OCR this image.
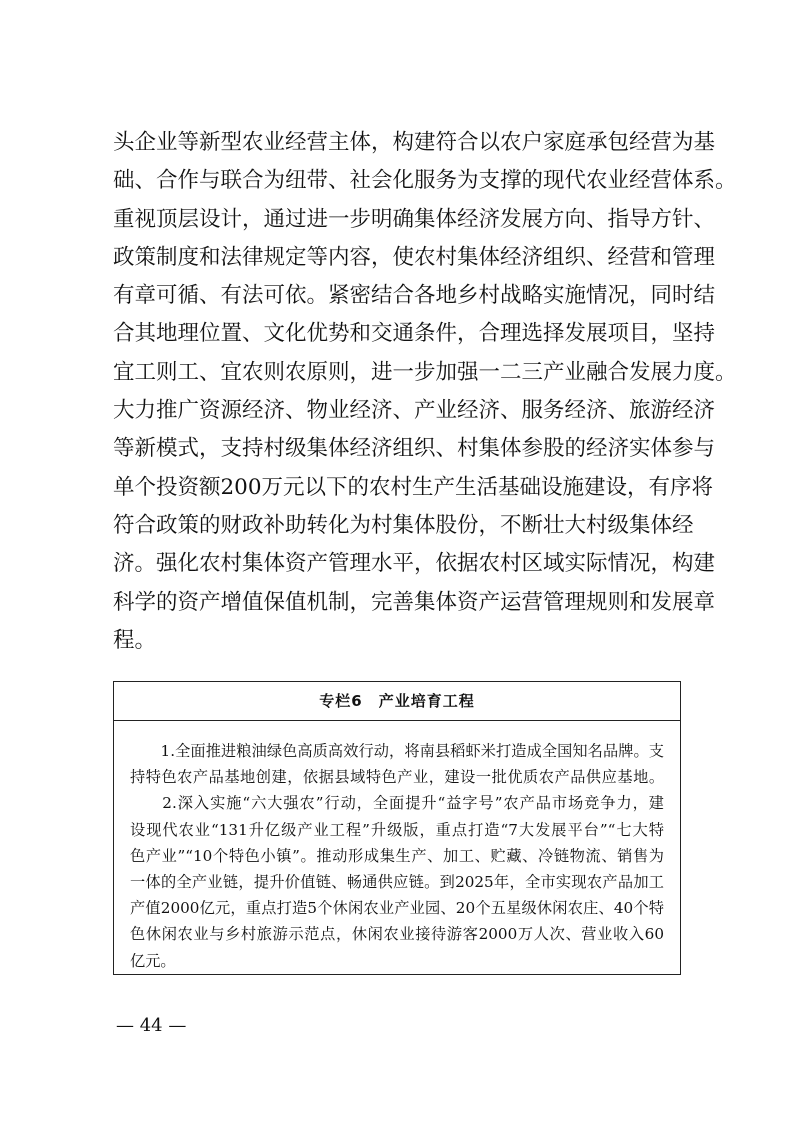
头企业等新型农业经营主体，构建符合以农户家庭承包经营为基
础、合作与联合为纽带、社会化服务为支撑的现代农业经营体系。
重视顶层设计，通过进一步明确集体经济发展方向、指导方针、
政策制度和法律规定等内容，使农村集体经济组织、经营和管理
有章可循、有法可依。紧密结合各地乡村战略实施情况，同时结
合其地理位置、文化优势和交通条件，合理选择发展项目，坚持
宜工则工、宜农则农原则，进一步加强一二三产业融合发展力度。
大力推广资源经济、物业经济、产业经济、服务经济、旅游经济
等新模式，支持村级集体经济组织、村集体参股的经济实体参与
单个投资额200万元以下的农村生产生活基础设施建设，有序将
符合政策的财政补助转化为村集体股份，不断壮大村级集体经
济。强化农村集体资产管理水平，依据农村区域实际情况，构建
科学的资产增值保值机制，完善集体资产运营管理规则和发展章
程。
专栏6　产业培育工程
　　1.全面推进粮油绿色高质高效行动，将南县稻虾米打造成全国知名品牌。支
持特色农产品基地创建，依据县域特色产业，建设一批优质农产品供应基地。
　　2.深入实施“六大强农”行动，全面提升“益字号”农产品市场竞争力，建
设现代农业“131升亿级产业工程”升级版，重点打造“7大发展平台”“七大特
色产业”“10个特色小镇”。推动形成集生产、加工、贮藏、冷链物流、销售为
一体的全产业链，提升价值链、畅通供应链。到2025年，全市实现农产品加工
产值2000亿元，重点打造5个休闲农业产业园、20个五星级休闲农庄、40个特
色休闲农业与乡村旅游示范点，休闲农业接待游客2000万人次、营业收入60
亿元。
— 44 —
